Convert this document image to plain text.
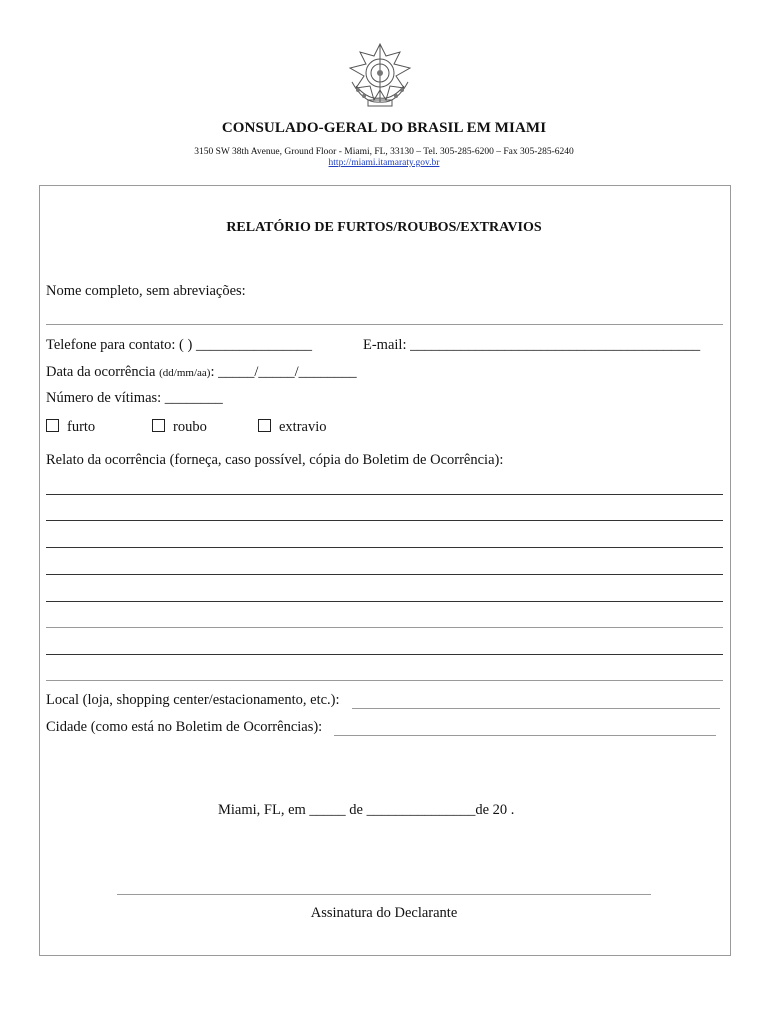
CONSULADO-GERAL DO BRASIL EM MIAMI
3150 SW 38th Avenue, Ground Floor - Miami, FL, 33130 – Tel. 305-285-6200 – Fax 305-285-6240
http://miami.itamaraty.gov.br
RELATÓRIO DE FURTOS/ROUBOS/EXTRAVIOS
Nome completo, sem abreviações:
Telefone para contato: ( ) ________________	E-mail: ________________________________________
Data da ocorrência (dd/mm/aa): _____/_____/________
Número de vítimas: ________
furto	roubo	extravio
Relato da ocorrência (forneça, caso possível, cópia do Boletim de Ocorrência):
Local (loja, shopping center/estacionamento, etc.):
Cidade (como está no Boletim de Ocorrências):
Miami, FL, em _____ de _______________de 20 .
Assinatura do Declarante
